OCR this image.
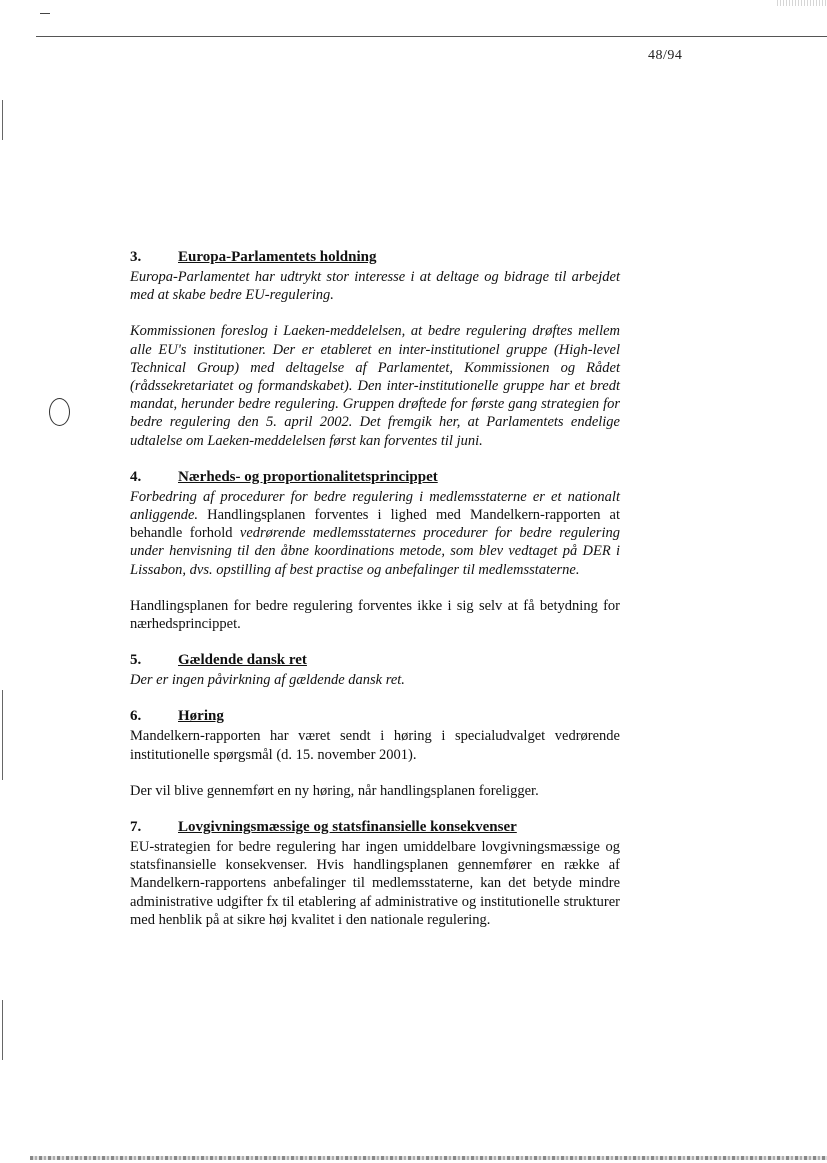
48/94
3.	Europa-Parlamentets holdning

Europa-Parlamentet har udtrykt stor interesse i at deltage og bidrage til arbejdet med at skabe bedre EU-regulering.

Kommissionen foreslog i Laeken-meddelelsen, at bedre regulering drøftes mellem alle EU's institutioner. Der er etableret en inter-institutionel gruppe (High-level Technical Group) med deltagelse af Parlamentet, Kommissionen og Rådet (rådssekretariatet og formandskabet). Den inter-institutionelle gruppe har et bredt mandat, herunder bedre regulering. Gruppen drøftede for første gang strategien for bedre regulering den 5. april 2002. Det fremgik her, at Parlamentets endelige udtalelse om Laeken-meddelelsen først kan forventes til juni.

4.	Nærheds- og proportionalitetsprincippet

Forbedring af procedurer for bedre regulering i medlemsstaterne er et nationalt anliggende. Handlingsplanen forventes i lighed med Mandelkern-rapporten at behandle forhold vedrørende medlemsstaternes procedurer for bedre regulering under henvisning til den åbne koordinations metode, som blev vedtaget på DER i Lissabon, dvs. opstilling af best practise og anbefalinger til medlemsstaterne.

Handlingsplanen for bedre regulering forventes ikke i sig selv at få betydning for nærhedsprincippet.

5.	Gældende dansk ret

Der er ingen påvirkning af gældende dansk ret.

6.	Høring

Mandelkern-rapporten har været sendt i høring i specialudvalget vedrørende institutionelle spørgsmål (d. 15. november 2001).

Der vil blive gennemført en ny høring, når handlingsplanen foreligger.

7.	Lovgivningsmæssige og statsfinansielle konsekvenser

EU-strategien for bedre regulering har ingen umiddelbare lovgivningsmæssige og statsfinansielle konsekvenser. Hvis handlingsplanen gennemfører en række af Mandelkern-rapportens anbefalinger til medlemsstaterne, kan det betyde mindre administrative udgifter fx til etablering af administrative og institutionelle strukturer med henblik på at sikre høj kvalitet i den nationale regulering.
